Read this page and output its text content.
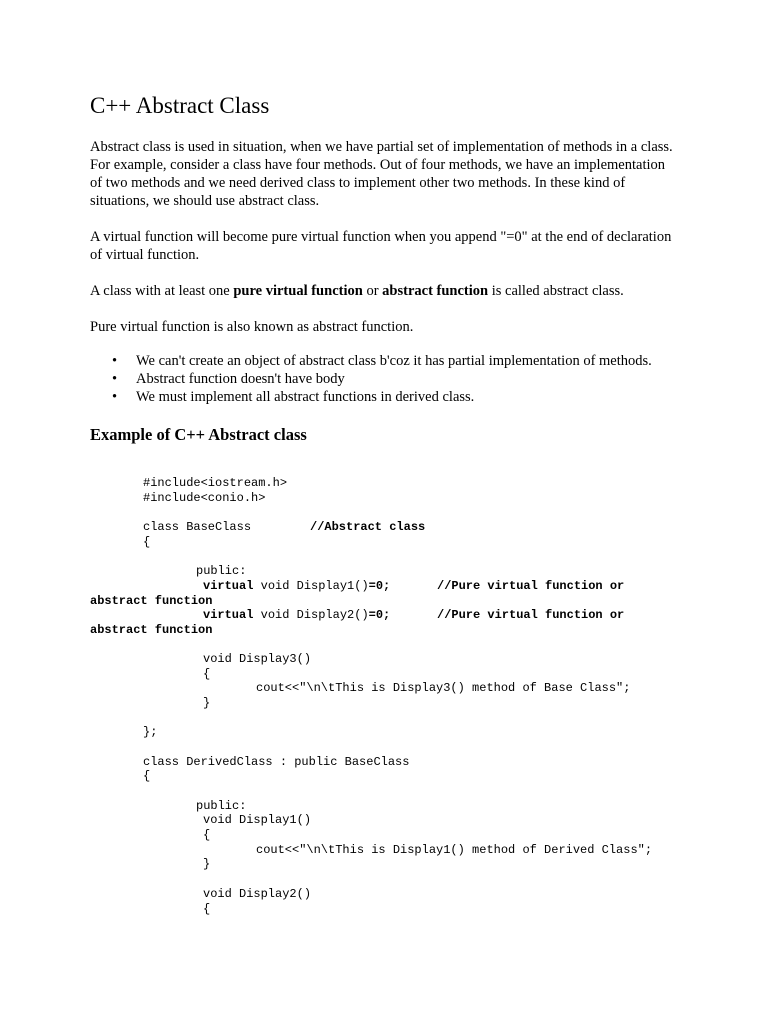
C++ Abstract Class

Abstract class is used in situation, when we have partial set of implementation of methods in a class. For example, consider a class have four methods. Out of four methods, we have an implementation of two methods and we need derived class to implement other two methods. In these kind of situations, we should use abstract class.

A virtual function will become pure virtual function when you append "=0" at the end of declaration of virtual function.

A class with at least one pure virtual function or abstract function is called abstract class.

Pure virtual function is also known as abstract function.

• We can't create an object of abstract class b'coz it has partial implementation of methods.
• Abstract function doesn't have body
• We must implement all abstract functions in derived class.
Example of C++ Abstract class
#include<iostream.h>
#include<conio.h>
class BaseClass	//Abstract class
{
public:
virtual void Display1()=0;	//Pure virtual function or
abstract function
virtual void Display2()=0;	//Pure virtual function or
abstract function
void Display3()
{
cout<<"\n\tThis is Display3() method of Base Class";
}
};
class DerivedClass : public BaseClass
{
public:
void Display1()
{
cout<<"\n\tThis is Display1() method of Derived Class";
}
void Display2()
{
